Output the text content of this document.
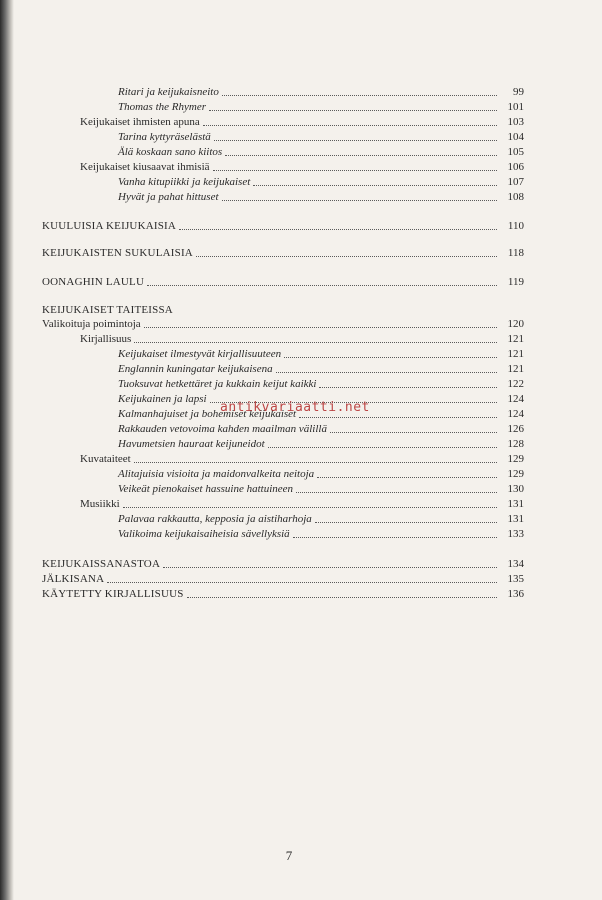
Ritari ja keijukaisneito	99
Thomas the Rhymer	101
Keijukaiset ihmisten apuna	103
Tarina kyttyräselästä	104
Älä koskaan sano kiitos	105
Keijukaiset kiusaavat ihmisiä	106
Vanha kitupiikki ja keijukaiset	107
Hyvät ja pahat hittuset	108
KUULUISIA KEIJUKAISIA	110
KEIJUKAISTEN SUKULAISIA	118
OONAGHIN LAULU	119
KEIJUKAISET TAITEISSA
Valikoituja poimintoja	120
Kirjallisuus	121
Keijukaiset ilmestyvät kirjallisuuteen	121
Englannin kuningatar keijukaisena	121
Tuoksuvat hetkettäret ja kukkain keijut kaikki	122
Keijukainen ja lapsi	124
Kalmanhajuiset ja bohemiset keijukaiset	124
Rakkauden vetovoima kahden maailman välillä	126
Havumetsien hauraat keijuneidot	128
Kuvataiteet	129
Alitajuisia visioita ja maidonvalkeita neitoja	129
Veikeät pienokaiset hassuine hattuineen	130
Musiikki	131
Palavaa rakkautta, kepposia ja aistiharhoja	131
Valikoima keijukaisaiheisia sävellyksiä	133
KEIJUKAISSANASTOA	134
JÄLKISANA	135
KÄYTETTY KIRJALLISUUS	136
antikvariaatti.net
7
